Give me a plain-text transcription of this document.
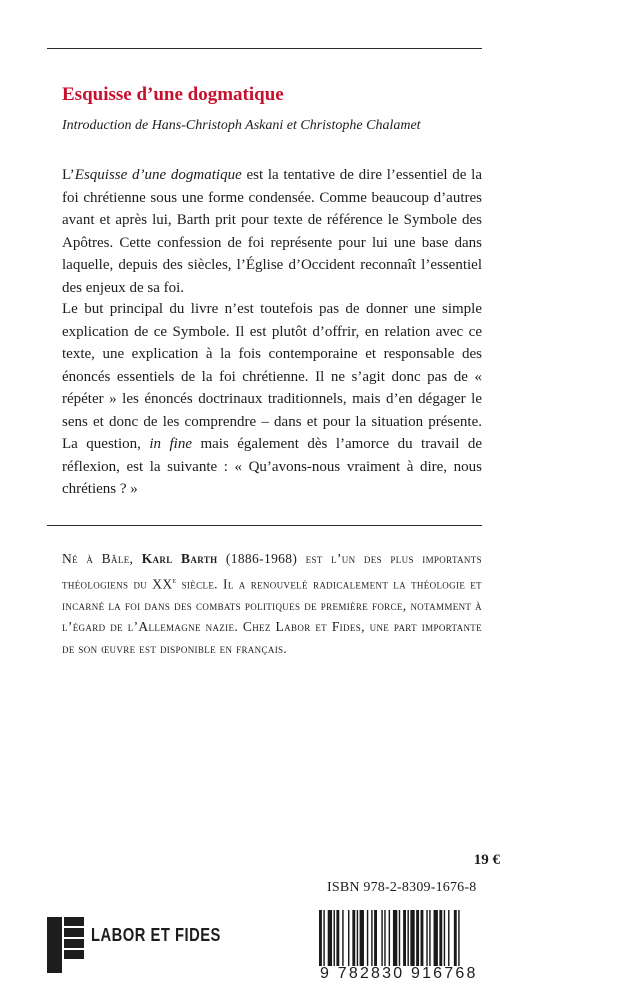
Esquisse d’une dogmatique
Introduction de Hans-Christoph Askani et Christophe Chalamet

L’Esquisse d’une dogmatique est la tentative de dire l’essentiel de la foi chrétienne sous une forme condensée. Comme beaucoup d’autres avant et après lui, Barth prit pour texte de référence le Symbole des Apôtres. Cette confession de foi représente pour lui une base dans laquelle, depuis des siècles, l’Église d’Occident reconnaît l’essentiel des enjeux de sa foi.

Le but principal du livre n’est toutefois pas de donner une simple explication de ce Symbole. Il est plutôt d’offrir, en relation avec ce texte, une explication à la fois contemporaine et responsable des énoncés essentiels de la foi chrétienne. Il ne s’agit donc pas de « répéter » les énoncés doctrinaux traditionnels, mais d’en dégager le sens et donc de les comprendre – dans et pour la situation présente. La question, in fine mais également dès l’amorce du travail de réflexion, est la suivante : « Qu’avons-nous vraiment à dire, nous chrétiens ? »

Né à Bâle, Karl Barth (1886-1968) est l’un des plus importants théologiens du XXe siècle. Il a renouvelé radicalement la théologie et incarné la foi dans des combats politiques de première force, notamment à l’égard de l’Allemagne nazie. Chez Labor et Fides, une part importante de son œuvre est disponible en français.

19 €
ISBN 978-2-8309-1676-8
LABOR ET FIDES
9 782830 916768
